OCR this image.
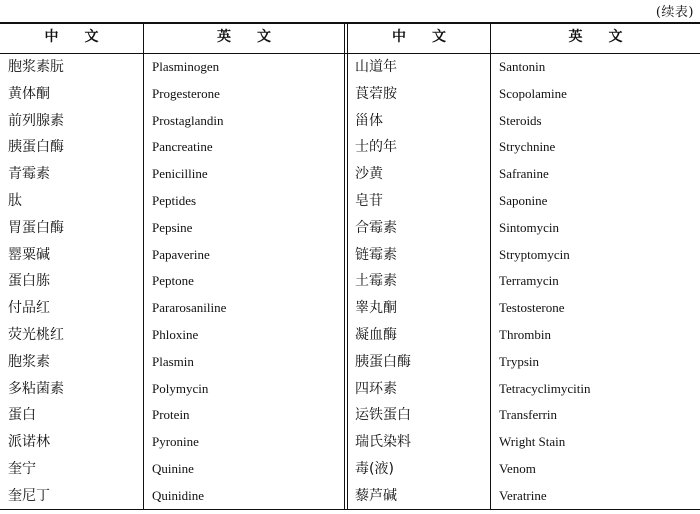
(续表)
中文	英文	中文	英文
胞浆素朊	Plasminogen	山道年	Santonin
黄体酮	Progesterone	莨菪胺	Scopolamine
前列腺素	Prostaglandin	甾体	Steroids
胰蛋白酶	Pancreatine	士的年	Strychnine
青霉素	Penicilline	沙黄	Safranine
肽	Peptides	皂苷	Saponine
胃蛋白酶	Pepsine	合霉素	Sintomycin
罂粟碱	Papaverine	链霉素	Stryptomycin
蛋白胨	Peptone	土霉素	Terramycin
付品红	Pararosaniline	睾丸酮	Testosterone
荧光桃红	Phloxine	凝血酶	Thrombin
胞浆素	Plasmin	胰蛋白酶	Trypsin
多粘菌素	Polymycin	四环素	Tetracyclimycitin
蛋白	Protein	运铁蛋白	Transferrin
派诺林	Pyronine	瑞氏染料	Wright Stain
奎宁	Quinine	毒(液)	Venom
奎尼丁	Quinidine	藜芦碱	Veratrine
